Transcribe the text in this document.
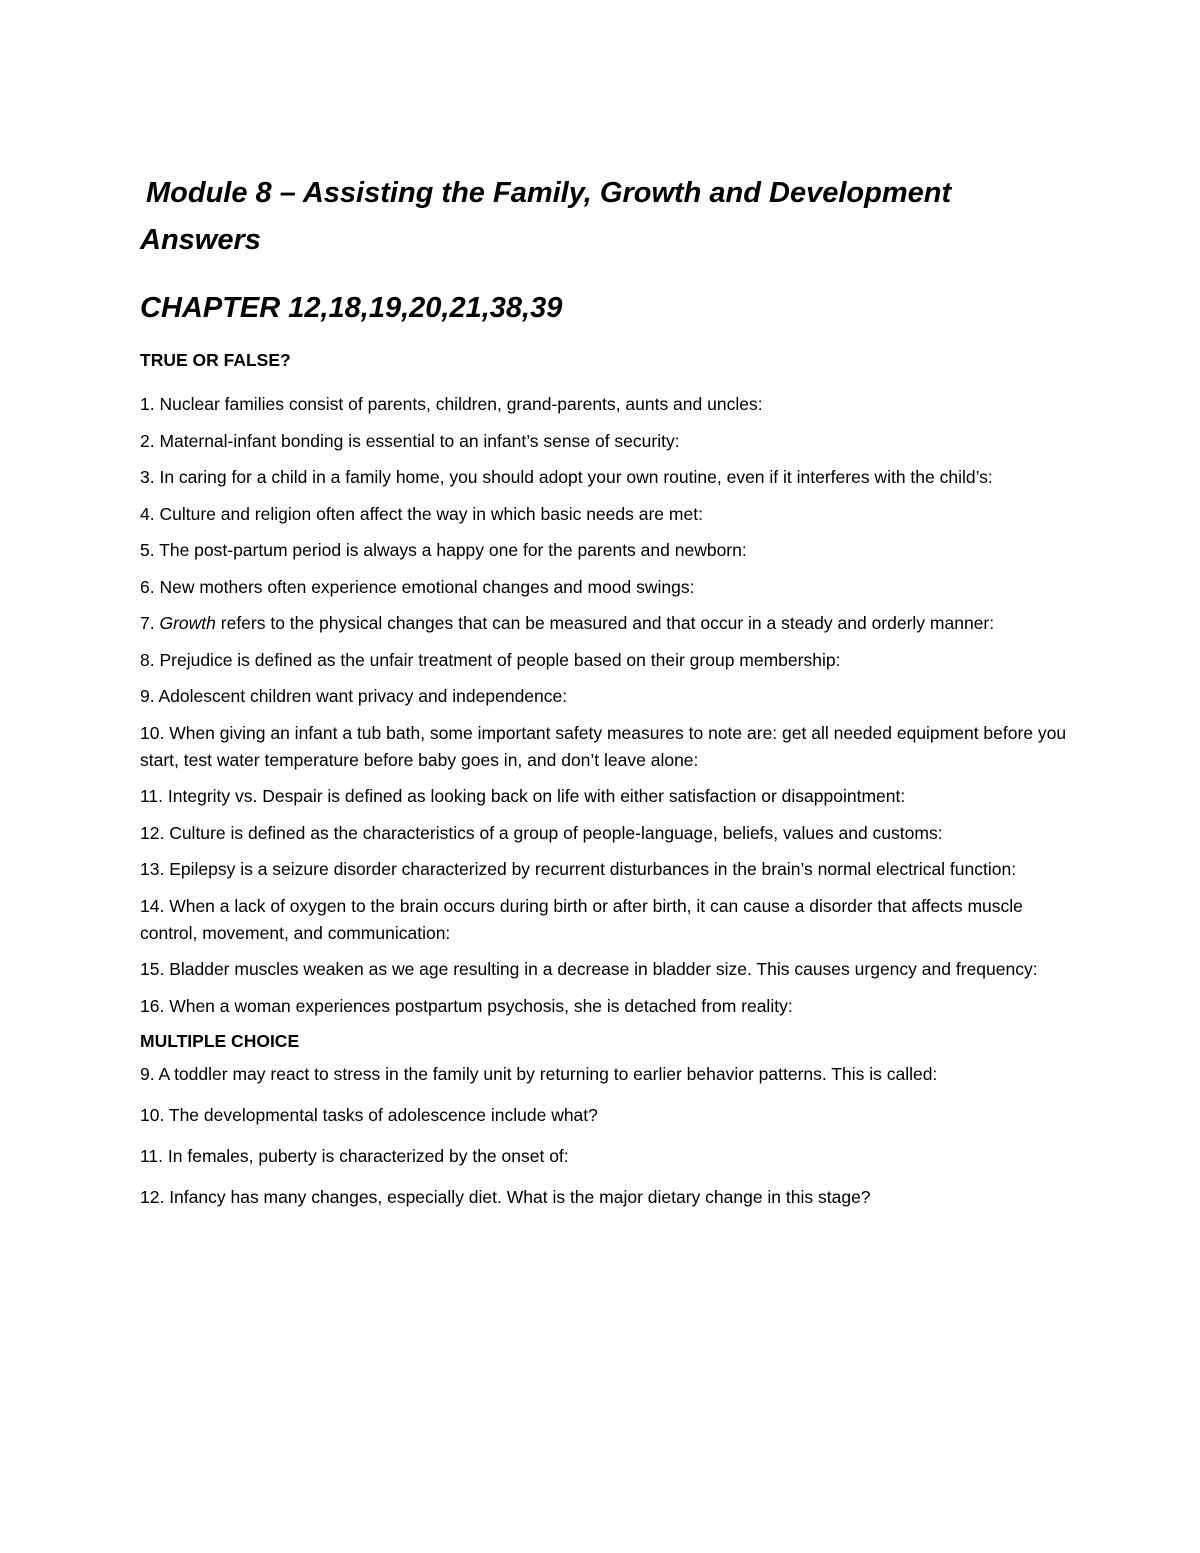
Module 8 – Assisting the Family, Growth and Development
Answers
CHAPTER 12,18,19,20,21,38,39
TRUE OR FALSE?
1. Nuclear families consist of parents, children, grand-parents, aunts and uncles:
2. Maternal-infant bonding is essential to an infant’s sense of security:
3. In caring for a child in a family home, you should adopt your own routine, even if it interferes with the child’s:
4. Culture and religion often affect the way in which basic needs are met:
5. The post-partum period is always a happy one for the parents and newborn:
6. New mothers often experience emotional changes and mood swings:
7. Growth refers to the physical changes that can be measured and that occur in a steady and orderly manner:
8. Prejudice is defined as the unfair treatment of people based on their group membership:
9. Adolescent children want privacy and independence:
10. When giving an infant a tub bath, some important safety measures to note are: get all needed equipment before you start, test water temperature before baby goes in, and don’t leave alone:
11. Integrity vs. Despair is defined as looking back on life with either satisfaction or disappointment:
12. Culture is defined as the characteristics of a group of people-language, beliefs, values and customs:
13. Epilepsy is a seizure disorder characterized by recurrent disturbances in the brain’s normal electrical function:
14. When a lack of oxygen to the brain occurs during birth or after birth, it can cause a disorder that affects muscle control, movement, and communication:
15. Bladder muscles weaken as we age resulting in a decrease in bladder size. This causes urgency and frequency:
16. When a woman experiences postpartum psychosis, she is detached from reality:
MULTIPLE CHOICE
9. A toddler may react to stress in the family unit by returning to earlier behavior patterns. This is called:
10. The developmental tasks of adolescence include what?
11. In females, puberty is characterized by the onset of:
12. Infancy has many changes, especially diet. What is the major dietary change in this stage?
